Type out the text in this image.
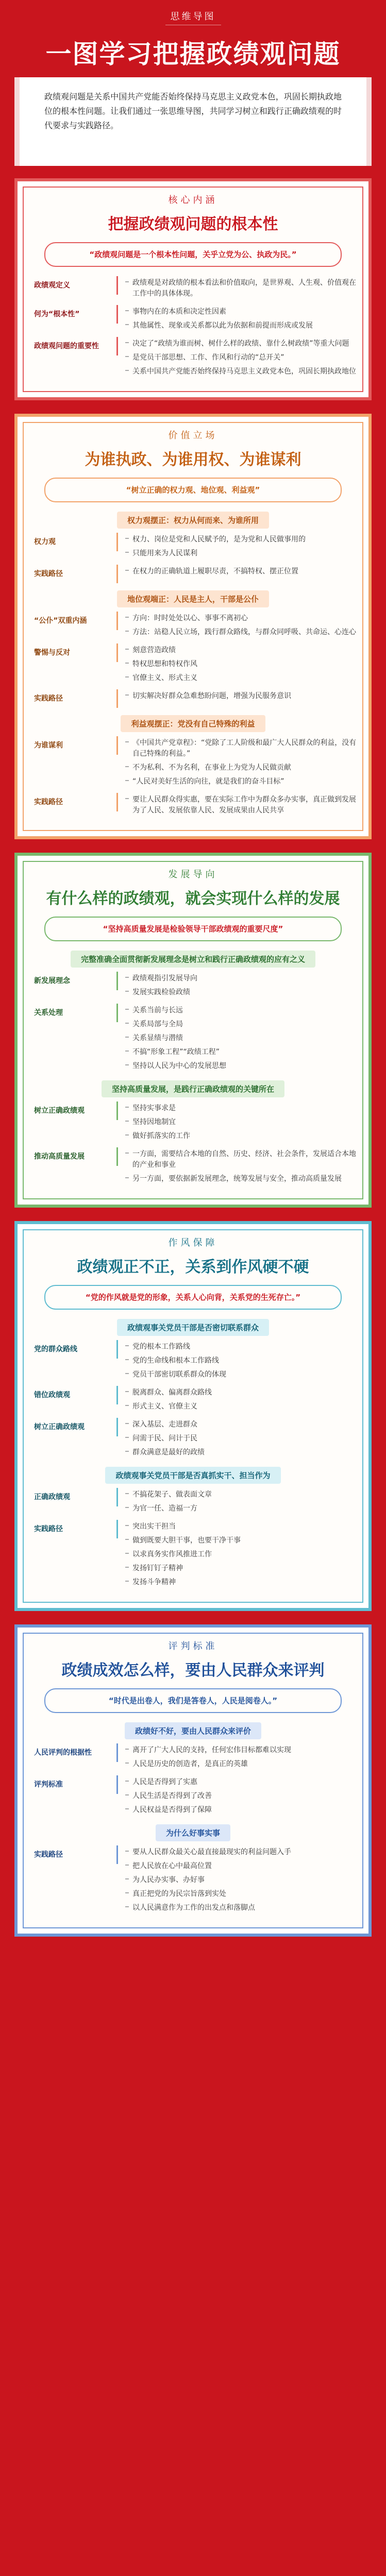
思维导图
一图学习把握政绩观问题
政绩观问题是关系中国共产党能否始终保持马克思主义政党本色，巩固长期执政地位的根本性问题。让我们通过一张思维导图，共同学习树立和践行正确政绩观的时代要求与实践路径。
核心内涵
把握政绩观问题的根本性
“政绩观问题是一个根本性问题，关乎立党为公、执政为民。”
政绩观定义	政绩观是对政绩的根本看法和价值取向，是世界观、人生观、价值观在工作中的具体体现。
何为“根本性”	事物内在的本质和决定性因素
其他属性、现象或关系都以此为依据和前提而形成或发展
政绩观问题的重要性	决定了“政绩为谁而树、树什么样的政绩、靠什么树政绩”等重大问题
是党员干部思想、工作、作风和行动的“总开关”
关系中国共产党能否始终保持马克思主义政党本色，巩固长期执政地位
价值立场
为谁执政、为谁用权、为谁谋利
“树立正确的权力观、地位观、利益观”
权力观摆正：权力从何而来、为谁所用
权力观	权力、岗位是党和人民赋予的，是为党和人民做事用的
只能用来为人民谋利
实践路径	在权力的正确轨道上履职尽责，不搞特权、摆正位置
地位观端正：人民是主人，干部是公仆
“公仆”双重内涵	方向：时时处处以心、事事不离初心
方法：站稳人民立场，践行群众路线，与群众同呼吸、共命运、心连心
警惕与反对	刻意营造政绩
特权思想和特权作风
官僚主义、形式主义
实践路径	切实解决好群众急难愁盼问题，增强为民服务意识
利益观摆正：党没有自己特殊的利益
为谁谋利	《中国共产党章程》：“党除了工人阶级和最广大人民群众的利益，没有自己特殊的利益。”
不为私利、不为名利，在事业上为党为人民做贡献
“人民对美好生活的向往，就是我们的奋斗目标”
实践路径	要让人民群众得实惠，要在实际工作中为群众多办实事，真正做到发展为了人民、发展依靠人民、发展成果由人民共享
发展导向
有什么样的政绩观，就会实现什么样的发展
“坚持高质量发展是检验领导干部政绩观的重要尺度”
完整准确全面贯彻新发展理念是树立和践行正确政绩观的应有之义
新发展理念	政绩观指引发展导向
发展实践检验政绩
关系处理	关系当前与长远
关系局部与全局
关系显绩与潜绩
不搞“形象工程”“政绩工程”
坚持以人民为中心的发展思想
坚持高质量发展，是践行正确政绩观的关键所在
树立正确政绩观	坚持实事求是
坚持因地制宜
做好抓落实的工作
推动高质量发展	一方面，需要结合本地的自然、历史、经济、社会条件，发展适合本地的产业和事业
另一方面，要依据新发展理念，统筹发展与安全，推动高质量发展
作风保障
政绩观正不正，关系到作风硬不硬
“党的作风就是党的形象，关系人心向背，关系党的生死存亡。”
政绩观事关党员干部是否密切联系群众
党的群众路线	党的根本工作路线
党的生命线和根本工作路线
党员干部密切联系群众的体现
错位政绩观	脱离群众、偏离群众路线
形式主义、官僚主义
树立正确政绩观	深入基层、走进群众
问需于民、问计于民
群众满意是最好的政绩
政绩观事关党员干部是否真抓实干、担当作为
正确政绩观	不搞花架子、做表面文章
为官一任、造福一方
实践路径	突出实干担当
做到既要大胆干事，也要干净干事
以求真务实作风推进工作
发扬钉钉子精神
发扬斗争精神
评判标准
政绩成效怎么样，要由人民群众来评判
“时代是出卷人，我们是答卷人，人民是阅卷人。”
政绩好不好，要由人民群众来评价
人民评判的根据性	离开了广大人民的支持，任何宏伟目标都难以实现
人民是历史的创造者，是真正的英雄
评判标准	人民是否得到了实惠
人民生活是否得到了改善
人民权益是否得到了保障
为什么好事实事
实践路径	要从人民群众最关心最直接最现实的利益问题入手
把人民放在心中最高位置
为人民办实事、办好事
真正把党的为民宗旨落到实处
以人民满意作为工作的出发点和落脚点
